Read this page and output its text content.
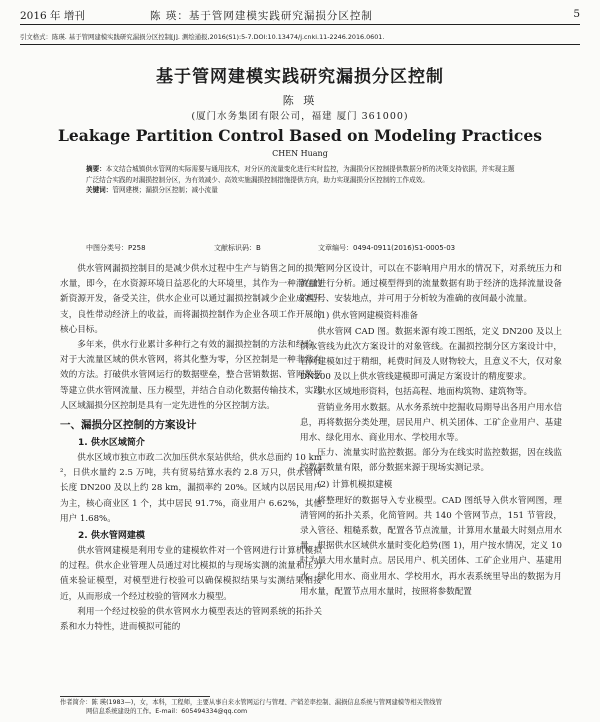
2016 年 增刊	陈 瑛：基于管网建模实践研究漏损分区控制	5
引文格式：陈瑛. 基于管网建模实践研究漏损分区控制[J]. 测绘通报,2016(S1):5-7.DOI:10.13474/j.cnki.11-2246.2016.0601.
基于管网建模实践研究漏损分区控制
陈 瑛
(厦门水务集团有限公司，福建 厦门 361000)
Leakage Partition Control Based on Modeling Practices
CHEN Huang
摘要：本文结合城镇供水管网的实际需要与通用技术，对分区的流量变化进行实时监控，为漏损分区控制提供数据分析的决策支持依据，并实现主题广泛结合实践的对漏损控制分区，为有效减少、高效实施漏损控制措施提供方向，助力实现漏损分区控制的工作成效。
关键词：管网建模；漏损分区控制；减小流量
中图分类号：P258	文献标识码：B	文章编号：0494-0911(2016)S1-0005-03

供水管网漏损控制目的是减少供水过程中生产与销售之间的损失水量，即今，在水资源环境日益恶化的大环境里，其作为一种潜在的新资源开发，备受关注，供水企业可以通过漏损控制减少企业成本开支，良性带动经济上的收益，而将漏损控制作为企业各项工作开展的核心目标。

多年来，供水行业累计多种行之有效的漏损控制的方法和经验，对于大流量区域的供水管网，将其化整为零，分区控制是一种非常有效的方法。打破供水管网运行的数据壁垒，整合营销数据、管网数据等建立供水管网流量、压力模型，并结合自动化数据传输技术，实践人区域漏损分区控制是具有一定先进性的分区控制方法。

一、漏损分区控制的方案设计
1. 供水区域简介

供水区域市独立市政二次加压供水泵站供给，供水总面约 10 km²，日供水量约 2.5 万吨，共有贸易结算水表约 2.8 万只，供水管网长度 DN200 及以上约 28 km，漏损率约 20%。区域内以居民用户为主，核心商业区 1 个，其中居民 91.7%，商业用户 6.62%，其他用户 1.68%。

2. 供水管网建模

供水管网建模是利用专业的建模软件对一个管网进行计算机模拟的过程。供水企业管理人员通过对比模拟的与现场实测的流量和压力值来验证模型，对模型进行校验可以确保模拟结果与实测结果相接近，从而形成一个经过校验的管网水力模型。

利用一个经过校验的供水管网水力模型表达的管网系统的拓扑关系和水力特性，进而模拟可能的

管网分区设计，可以在不影响用户用水的情况下，对系统压力和流量进行分析。通过模型得到的流量数据有助于经济的选择流量设备的型号、安装地点，并可用于分析较为准确的夜间最小流量。

(1) 供水管网建模资料准备

供水管网 CAD 图。数据来源有竣工图纸，定义 DN200 及以上供水管线为此次方案设计的对象管线。在漏损控制分区方案设计中，管网建模如过于精细，耗费时间及人财物较大，且意义不大，仅对象 DN200 及以上供水管线建模即可满足方案设计的精度要求。

供水区域地形资料，包括高程、地面构筑物、建筑物等。

营销业务用水数据。从水务系统中挖掘收局期导出各用户用水信息，再将数据分类处理，居民用户、机关团体、工矿企业用户、基建用水、绿化用水、商业用水、学校用水等。

压力、流量实时监控数据。部分为在线实时监控数据，因在线监控数据数量有限，部分数据来源于现场实测记录。

(2) 计算机模拟建模

将整理好的数据导入专业模型。CAD 图纸导入供水管网图，理清管网的拓扑关系，化简管网。共 140 个管网节点，151 节管段，录入管径、粗糙系数，配置各节点流量，计算用水量最大时刻点用水量。根据供水区域供水量时变化趋势(图 1)，用户按水情况，定义 10 时为最大用水量时点。居民用户、机关团体、工矿企业用户、基建用水、绿化用水、商业用水、学校用水，再水表系统里导出的数据为月用水量，配置节点用水量时，按照将参数配置

作者简介：陈 瑛(1983—)，女，本科，工程师，主要从事自来水管网运行与管理、产销差率控制、漏损信息系统与管网建模等相关管线管
网信息系统建设的工作。E-mail：605494334@qq.com
